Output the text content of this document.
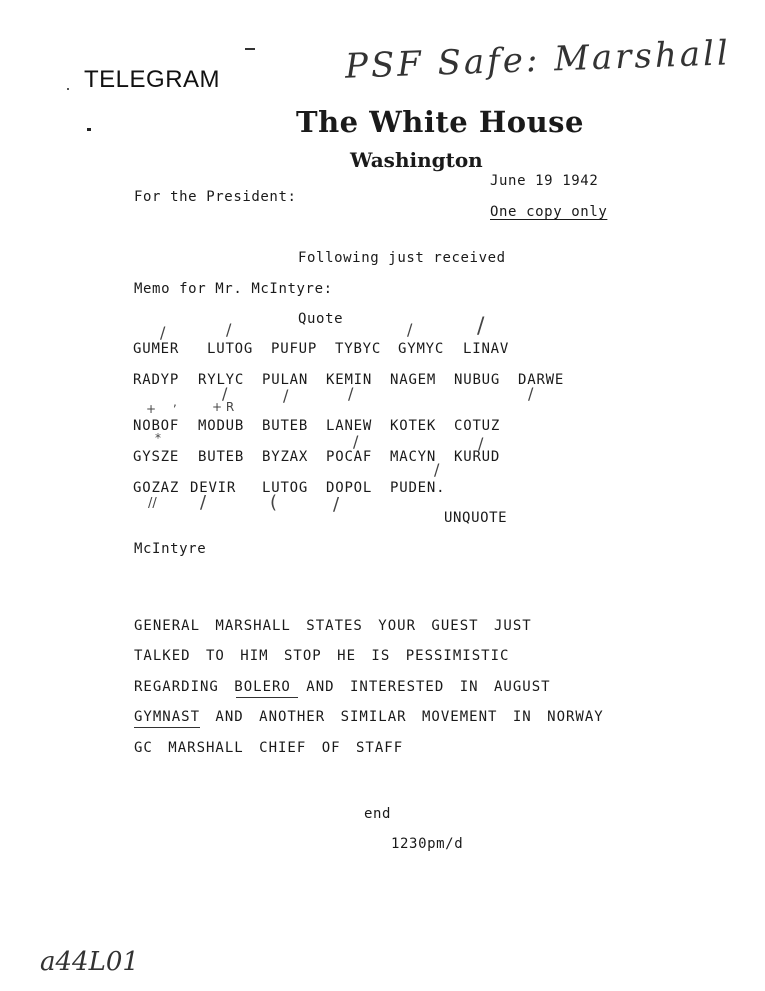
TELEGRAM	PSF Safe: Marshall
The White House
Washington
June 19 1942
For the President:
One copy only
Following just received
Memo for Mr. McIntyre:
Quote
GUMER LUTOG PUFUP TYBYC GYMYC LINAV
RADYP RYLYC PULAN KEMIN NAGEM NUBUG DARWE
NOBOF MODUB BUTEB LANEW KOTEK COTUZ
GYSZE BUTEB BYZAX POCAF MACYN KURUD
GOZAZ DEVIR LUTOG DOPOL PUDEN.
/	/	/	/
,	/	/
/	/
+	+ R
*	/	/
/
// /	(	/
UNQUOTE
McIntyre
GENERAL MARSHALL STATES YOUR GUEST JUST
TALKED TO HIM STOP HE IS PESSIMISTIC
REGARDING BOLERO AND INTERESTED IN AUGUST
GYMNAST AND ANOTHER SIMILAR MOVEMENT IN NORWAY
GC MARSHALL CHIEF OF STAFF
end
1230pm/d
a44L01
